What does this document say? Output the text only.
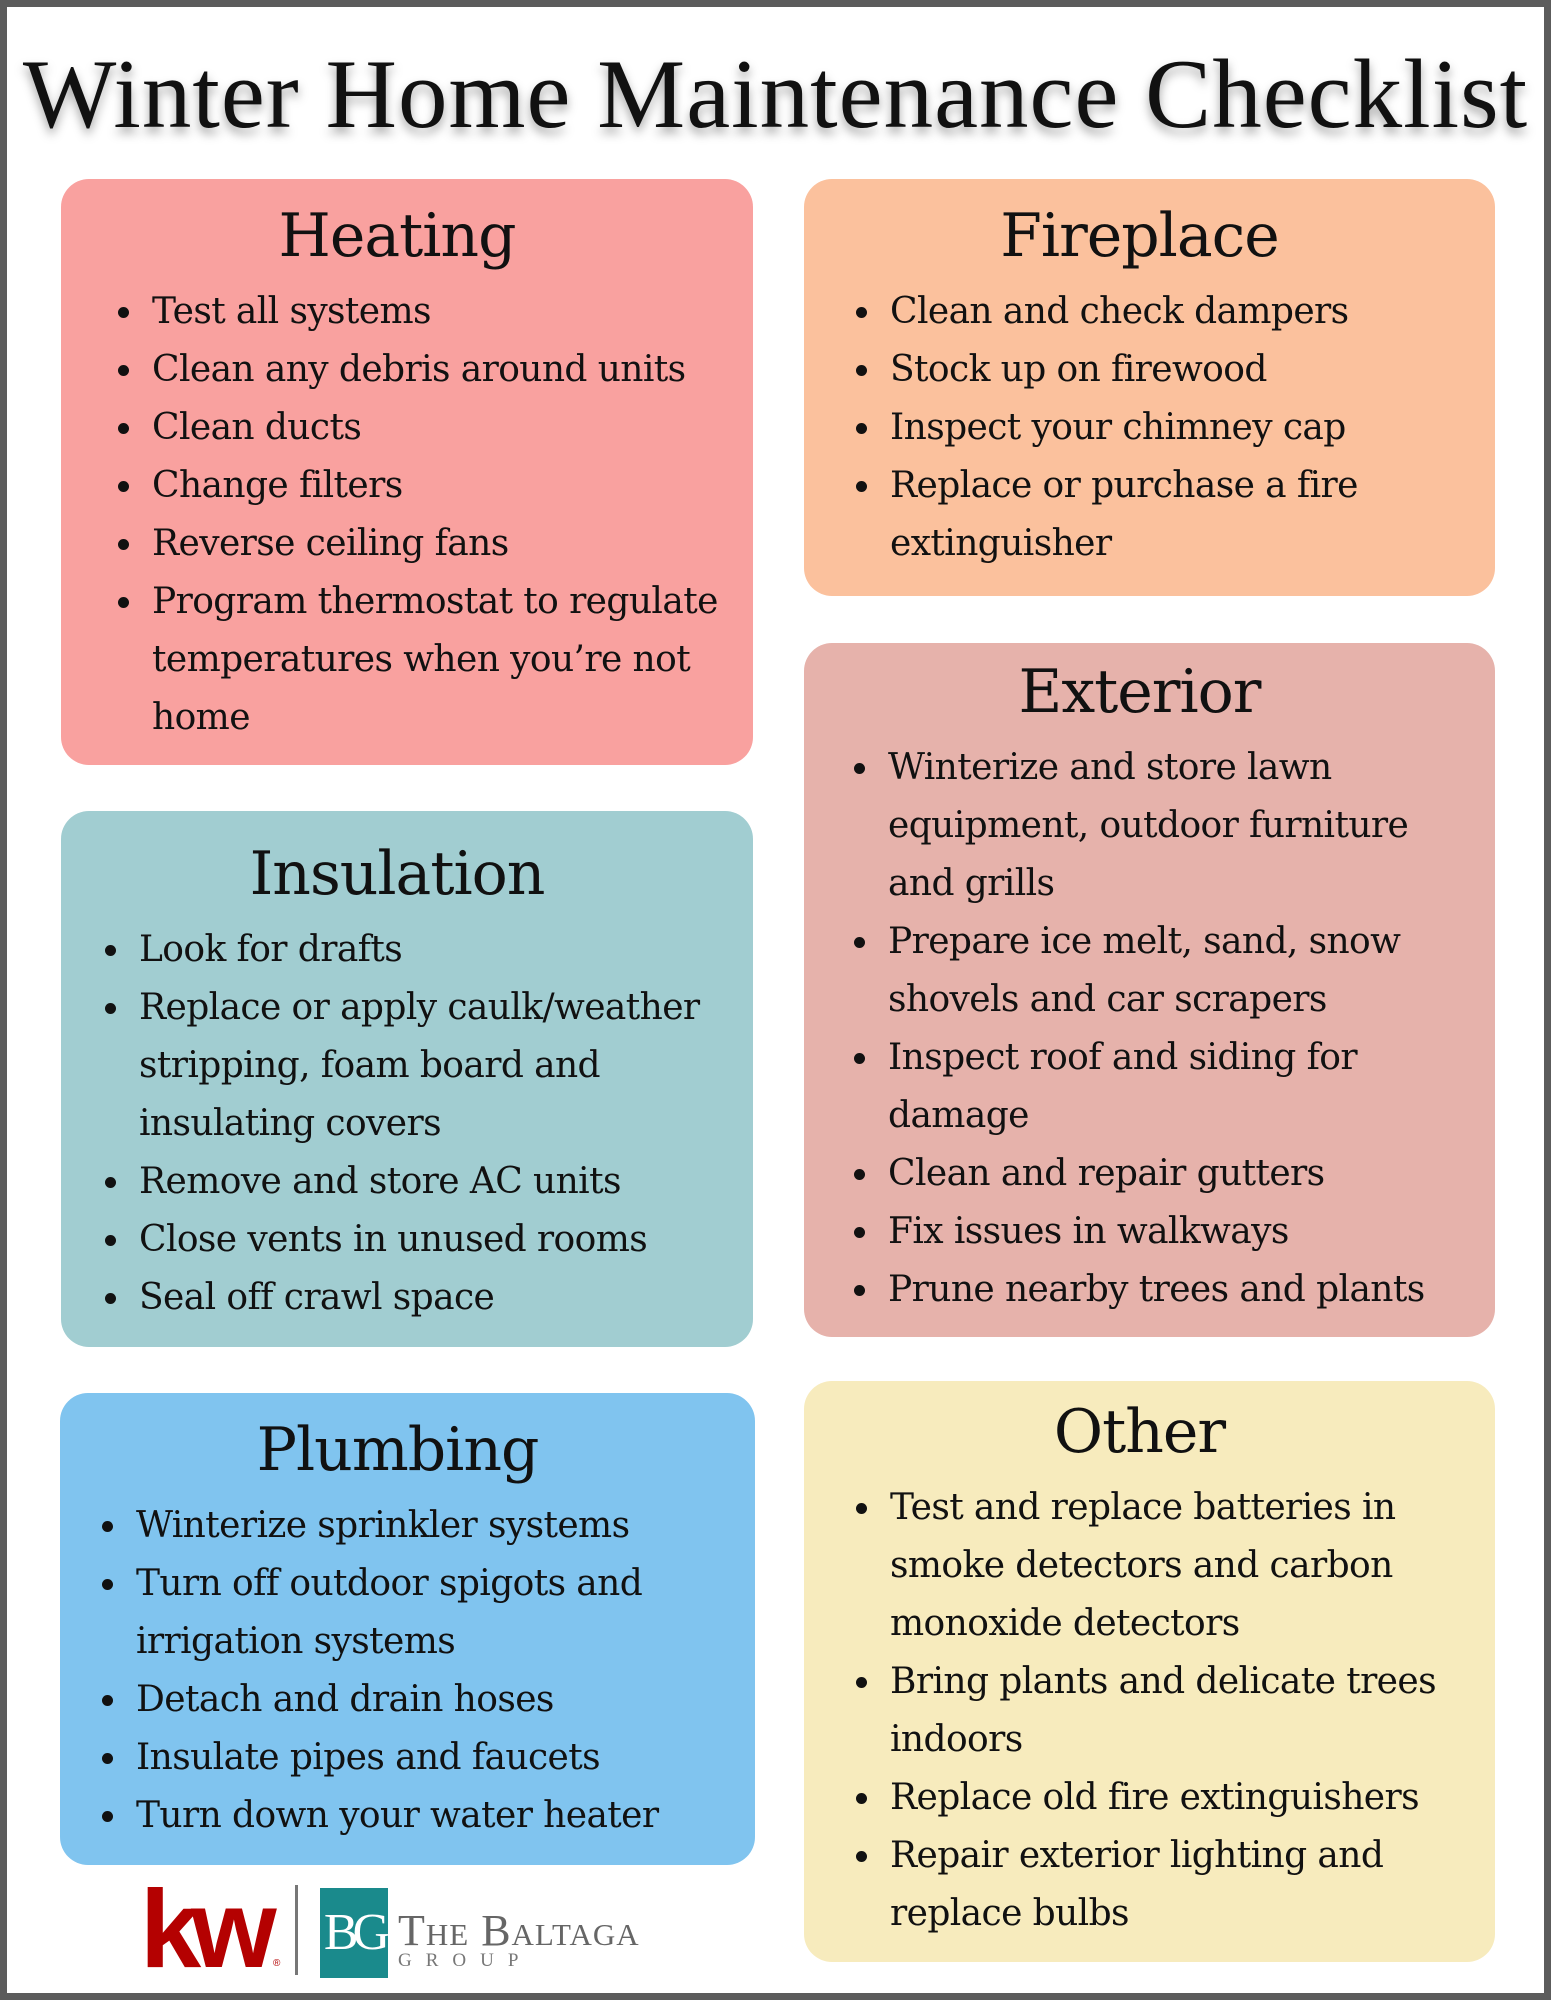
Winter Home Maintenance Checklist
Heating
• Test all systems
• Clean any debris around units
• Clean ducts
• Change filters
• Reverse ceiling fans
• Program thermostat to regulate temperatures when you’re not home
Fireplace
• Clean and check dampers
• Stock up on firewood
• Inspect your chimney cap
• Replace or purchase a fire extinguisher
Insulation
• Look for drafts
• Replace or apply caulk/weather stripping, foam board and insulating covers
• Remove and store AC units
• Close vents in unused rooms
• Seal off crawl space
Exterior
• Winterize and store lawn equipment, outdoor furniture and grills
• Prepare ice melt, sand, snow shovels and car scrapers
• Inspect roof and siding for damage
• Clean and repair gutters
• Fix issues in walkways
• Prune nearby trees and plants
Plumbing
• Winterize sprinkler systems
• Turn off outdoor spigots and irrigation systems
• Detach and drain hoses
• Insulate pipes and faucets
• Turn down your water heater
Other
• Test and replace batteries in smoke detectors and carbon monoxide detectors
• Bring plants and delicate trees indoors
• Replace old fire extinguishers
• Repair exterior lighting and replace bulbs
kw ®
BG The Baltaga
GROUP
